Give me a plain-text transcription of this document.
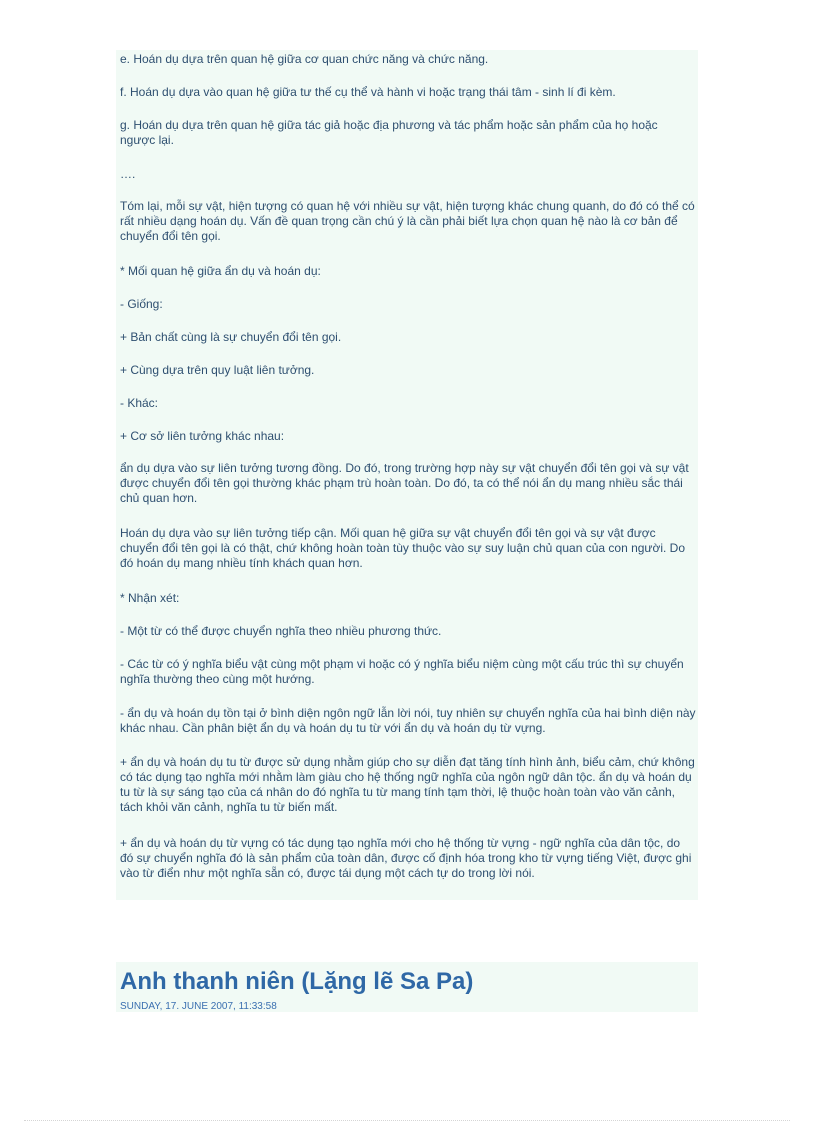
e. Hoán dụ dựa trên quan hệ giữa cơ quan chức năng và chức năng.

f. Hoán dụ dựa vào quan hệ giữa tư thế cụ thể và hành vi hoặc trạng thái tâm - sinh lí đi kèm.

g. Hoán dụ dựa trên quan hệ giữa tác giả hoặc địa phương và tác phẩm hoặc sản phẩm của họ hoặc ngược lại.

….

Tóm lại, mỗi sự vật, hiện tượng có quan hệ với nhiều sự vật, hiện tượng khác chung quanh, do đó có thể có rất nhiều dạng hoán dụ. Vấn đề quan trọng cần chú ý là cần phải biết lựa chọn quan hệ nào là cơ bản để chuyển đổi tên gọi.

* Mối quan hệ giữa ẩn dụ và hoán dụ:

- Giống:

+ Bản chất cùng là sự chuyển đổi tên gọi.

+ Cùng dựa trên quy luật liên tưởng.

- Khác:

+ Cơ sở liên tưởng khác nhau:

ẩn dụ dựa vào sự liên tưởng tương đồng. Do đó, trong trường hợp này sự vật chuyển đổi tên gọi và sự vật được chuyển đổi tên gọi thường khác phạm trù hoàn toàn. Do đó, ta có thể nói ẩn dụ mang nhiều sắc thái chủ quan hơn.

Hoán dụ dựa vào sự liên tưởng tiếp cận. Mối quan hệ giữa sự vật chuyển đổi tên gọi và sự vật được chuyển đổi tên gọi là có thật, chứ không hoàn toàn tùy thuộc vào sự suy luận chủ quan của con người. Do đó hoán dụ mang nhiều tính khách quan hơn.

* Nhận xét:

- Một từ có thể được chuyển nghĩa theo nhiều phương thức.

- Các từ có ý nghĩa biểu vật cùng một phạm vi hoặc có ý nghĩa biểu niệm cùng một cấu trúc thì sự chuyển nghĩa thường theo cùng một hướng.

- ẩn dụ và hoán dụ tồn tại ở bình diện ngôn ngữ lẫn lời nói, tuy nhiên sự chuyển nghĩa của hai bình diện này khác nhau. Cần phân biệt ẩn dụ và hoán dụ tu từ với ẩn dụ và hoán dụ từ vựng.

+ ẩn dụ và hoán dụ tu từ được sử dụng nhằm giúp cho sự diễn đạt tăng tính hình ảnh, biểu cảm, chứ không có tác dụng tạo nghĩa mới nhằm làm giàu cho hệ thống ngữ nghĩa của ngôn ngữ dân tộc. ẩn dụ và hoán dụ tu từ là sự sáng tạo của cá nhân do đó nghĩa tu từ mang tính tạm thời, lệ thuộc hoàn toàn vào văn cảnh, tách khỏi văn cảnh, nghĩa tu từ biến mất.

+ ẩn dụ và hoán dụ từ vựng có tác dụng tạo nghĩa mới cho hệ thống từ vựng - ngữ nghĩa của dân tộc, do đó sự chuyển nghĩa đó là sản phẩm của toàn dân, được cố định hóa trong kho từ vựng tiếng Việt, được ghi vào từ điển như một nghĩa sẵn có, được tái dụng một cách tự do trong lời nói.

Anh thanh niên (Lặng lẽ Sa Pa)
SUNDAY, 17. JUNE 2007, 11:33:58
